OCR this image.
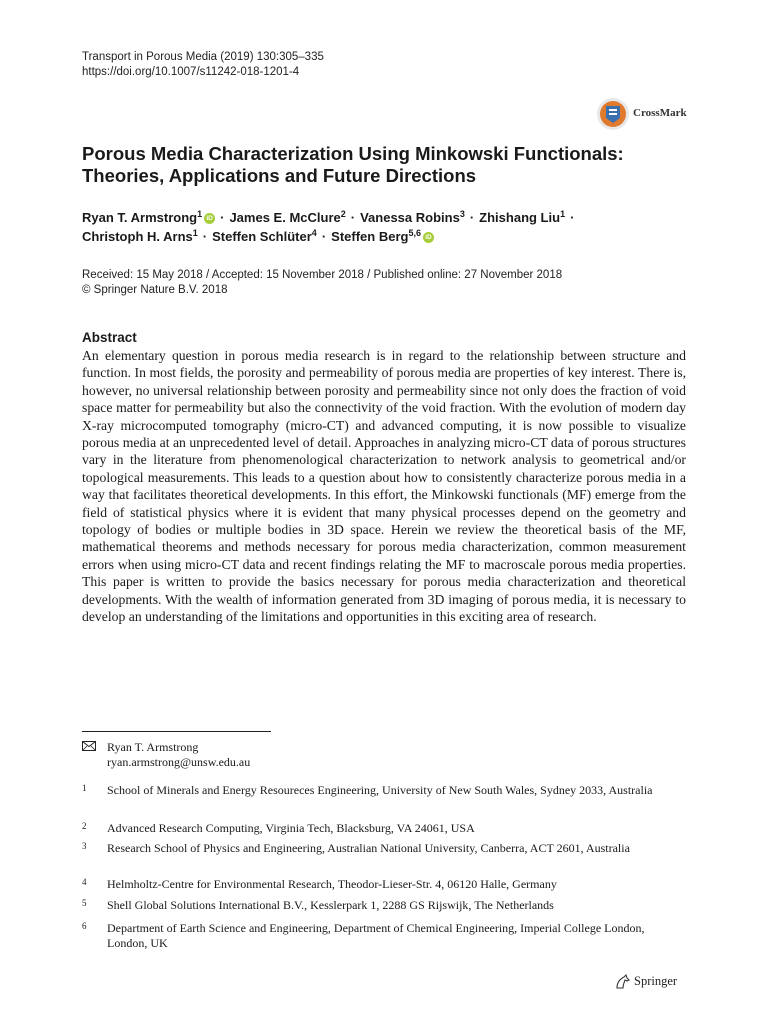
Transport in Porous Media (2019) 130:305–335
https://doi.org/10.1007/s11242-018-1201-4
CrossMark
Porous Media Characterization Using Minkowski Functionals:
Theories, Applications and Future Directions
Ryan T. Armstrong$^1$ iD · James E. McClure$^2$ · Vanessa Robins$^3$ · Zhishang Liu$^1$ ·
Christoph H. Arns$^1$ · Steffen Schlüter$^4$ · Steffen Berg$^{5,6}$ iD
Received: 15 May 2018 / Accepted: 15 November 2018 / Published online: 27 November 2018
© Springer Nature B.V. 2018
Abstract
An elementary question in porous media research is in regard to the relationship between structure and function. In most fields, the porosity and permeability of porous media are properties of key interest. There is, however, no universal relationship between porosity and permeability since not only does the fraction of void space matter for permeability but also the connectivity of the void fraction. With the evolution of modern day X-ray microcomputed tomography (micro-CT) and advanced computing, it is now possible to visualize porous media at an unprecedented level of detail. Approaches in analyzing micro-CT data of porous structures vary in the literature from phenomenological characterization to network analysis to geometrical and/or topological measurements. This leads to a question about how to consistently characterize porous media in a way that facilitates theoretical developments. In this effort, the Minkowski functionals (MF) emerge from the field of statistical physics where it is evident that many physical processes depend on the geometry and topology of bodies or multiple bodies in 3D space. Herein we review the theoretical basis of the MF, mathematical theorems and methods necessary for porous media characterization, common measurement errors when using micro-CT data and recent findings relating the MF to macroscale porous media properties. This paper is written to provide the basics necessary for porous media characterization and theoretical developments. With the wealth of information generated from 3D imaging of porous media, it is necessary to develop an understanding of the limitations and opportunities in this exciting area of research.
Ryan T. Armstrong
ryan.armstrong@unsw.edu.au
1 School of Minerals and Energy Resoureces Engineering, University of New South Wales, Sydney 2033, Australia
2 Advanced Research Computing, Virginia Tech, Blacksburg, VA 24061, USA
3 Research School of Physics and Engineering, Australian National University, Canberra, ACT 2601, Australia
4 Helmholtz-Centre for Environmental Research, Theodor-Lieser-Str. 4, 06120 Halle, Germany
5 Shell Global Solutions International B.V., Kesslerpark 1, 2288 GS Rijswijk, The Netherlands
6 Department of Earth Science and Engineering, Department of Chemical Engineering, Imperial College London, London, UK
Springer
